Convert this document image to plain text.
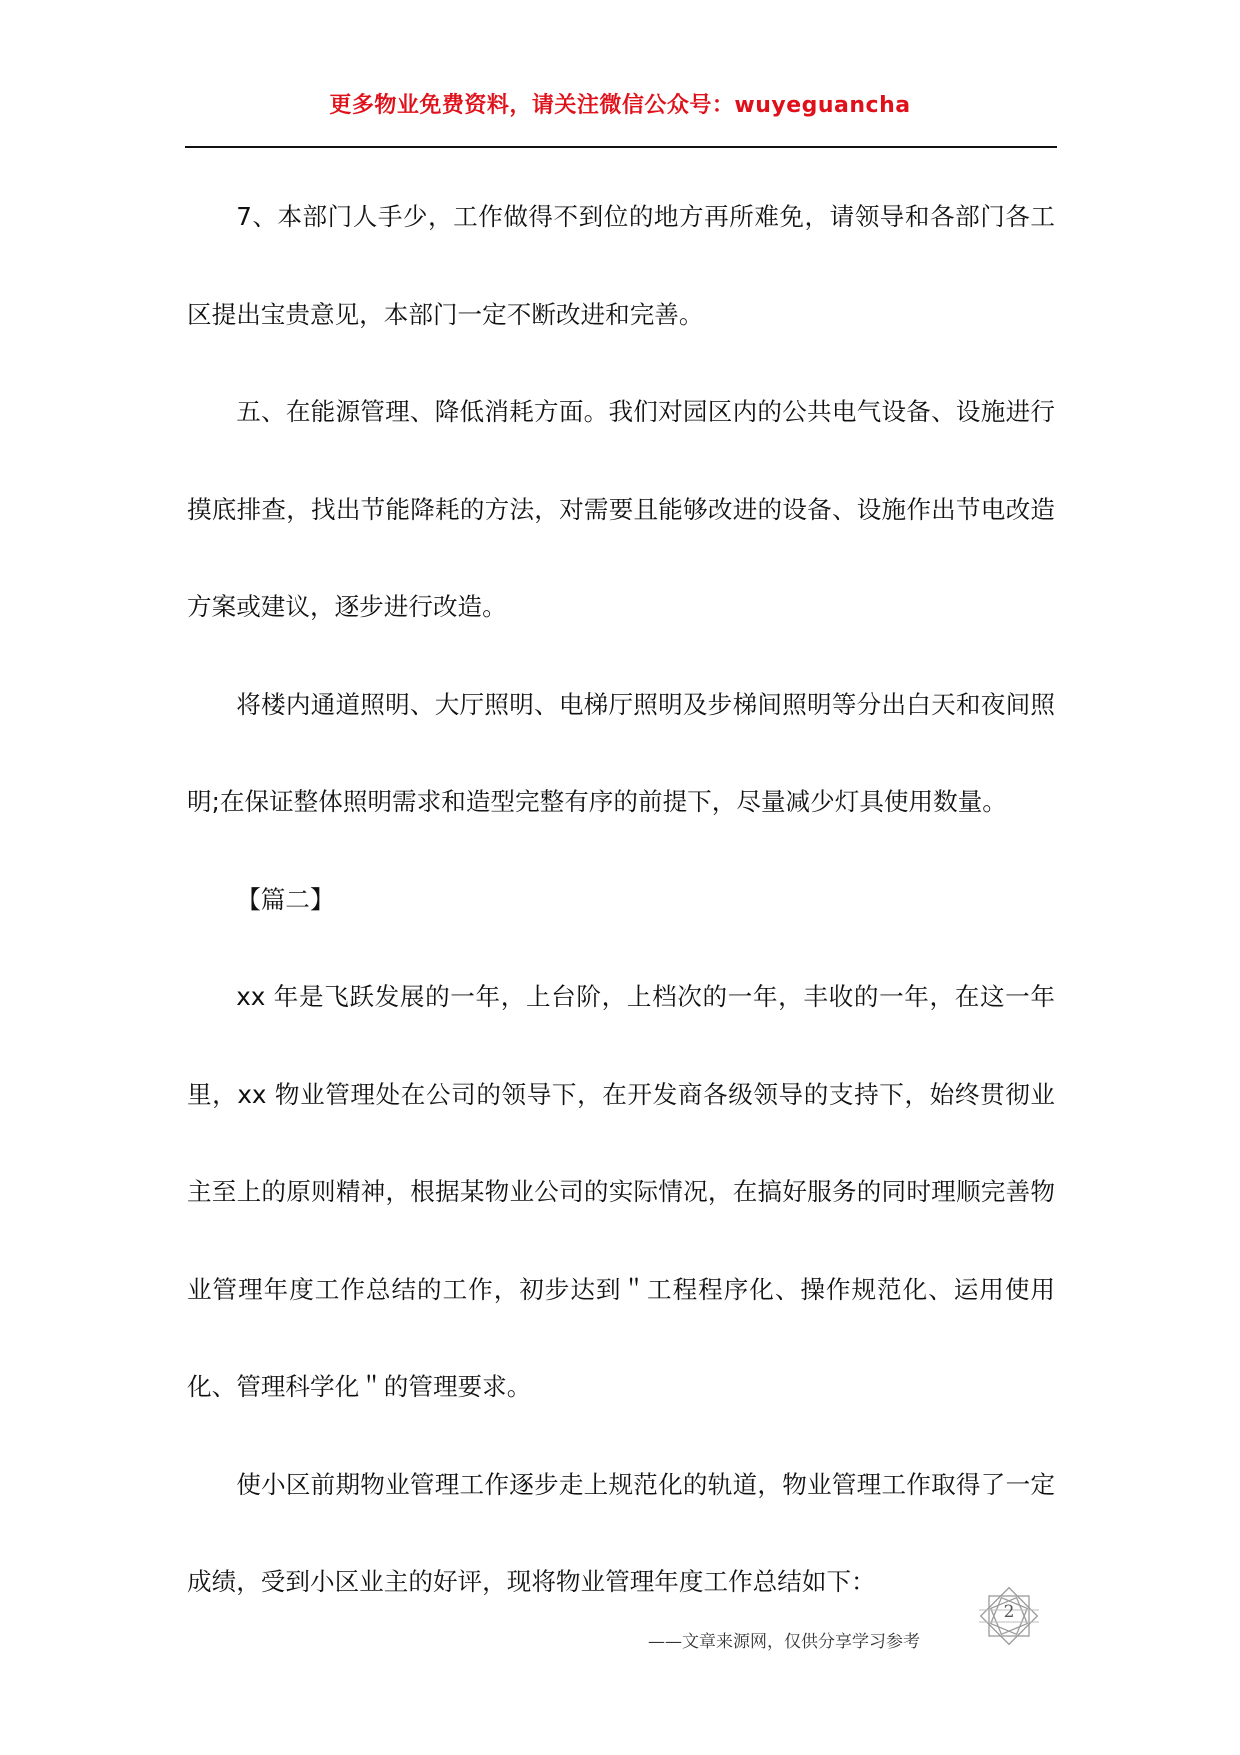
更多物业免费资料，请关注微信公众号：wuyeguancha

7、本部门人手少，工作做得不到位的地方再所难免，请领导和各部门各工区提出宝贵意见，本部门一定不断改进和完善。

五、在能源管理、降低消耗方面。我们对园区内的公共电气设备、设施进行摸底排查，找出节能降耗的方法，对需要且能够改进的设备、设施作出节电改造方案或建议，逐步进行改造。

将楼内通道照明、大厅照明、电梯厅照明及步梯间照明等分出白天和夜间照明;在保证整体照明需求和造型完整有序的前提下，尽量减少灯具使用数量。

【篇二】

xx 年是飞跃发展的一年，上台阶，上档次的一年，丰收的一年，在这一年里，xx 物业管理处在公司的领导下，在开发商各级领导的支持下，始终贯彻业主至上的原则精神，根据某物业公司的实际情况，在搞好服务的同时理顺完善物业管理年度工作总结的工作，初步达到＂工程程序化、操作规范化、运用使用化、管理科学化＂的管理要求。

使小区前期物业管理工作逐步走上规范化的轨道，物业管理工作取得了一定成绩，受到小区业主的好评，现将物业管理年度工作总结如下：

——文章来源网，仅供分享学习参考
2
